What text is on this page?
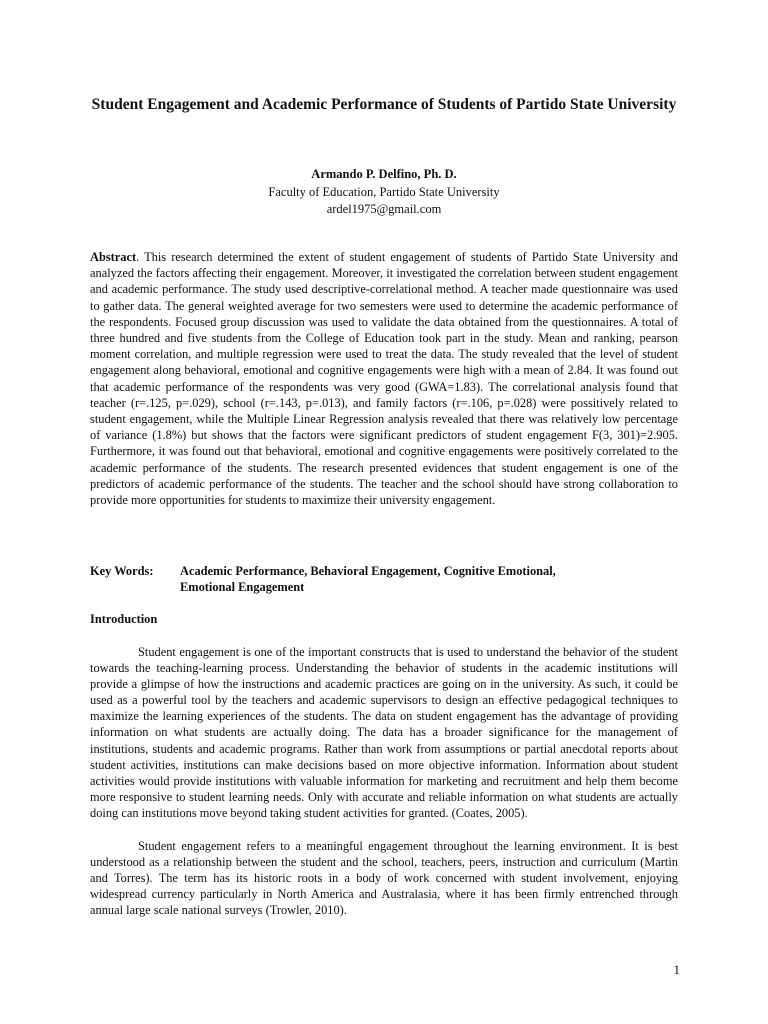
Student Engagement and Academic Performance of Students of Partido State University
Armando P. Delfino, Ph. D.
Faculty of Education, Partido State University
ardel1975@gmail.com

Abstract. This research determined the extent of student engagement of students of Partido State University and analyzed the factors affecting their engagement. Moreover, it investigated the correlation between student engagement and academic performance. The study used descriptive-correlational method. A teacher made questionnaire was used to gather data. The general weighted average for two semesters were used to determine the academic performance of the respondents. Focused group discussion was used to validate the data obtained from the questionnaires. A total of three hundred and five students from the College of Education took part in the study. Mean and ranking, pearson moment correlation, and multiple regression were used to treat the data. The study revealed that the level of student engagement along behavioral, emotional and cognitive engagements were high with a mean of 2.84. It was found out that academic performance of the respondents was very good (GWA=1.83). The correlational analysis found that teacher (r=.125, p=.029), school (r=.143, p=.013), and family factors (r=.106, p=.028) were possitively related to student engagement, while the Multiple Linear Regression analysis revealed that there was relatively low percentage of variance (1.8%) but shows that the factors were significant predictors of student engagement F(3, 301)=2.905. Furthermore, it was found out that behavioral, emotional and cognitive engagements were positively correlated to the academic performance of the students. The research presented evidences that student engagement is one of the predictors of academic performance of the students. The teacher and the school should have strong collaboration to provide more opportunities for students to maximize their university engagement.

Key Words: Academic Performance, Behavioral Engagement, Cognitive Emotional, Emotional Engagement
Introduction

Student engagement is one of the important constructs that is used to understand the behavior of the student towards the teaching-learning process. Understanding the behavior of students in the academic institutions will provide a glimpse of how the instructions and academic practices are going on in the university. As such, it could be used as a powerful tool by the teachers and academic supervisors to design an effective pedagogical techniques to maximize the learning experiences of the students. The data on student engagement has the advantage of providing information on what students are actually doing. The data has a broader significance for the management of institutions, students and academic programs. Rather than work from assumptions or partial anecdotal reports about student activities, institutions can make decisions based on more objective information. Information about student activities would provide institutions with valuable information for marketing and recruitment and help them become more responsive to student learning needs. Only with accurate and reliable information on what students are actually doing can institutions move beyond taking student activities for granted. (Coates, 2005).

Student engagement refers to a meaningful engagement throughout the learning environment. It is best understood as a relationship between the student and the school, teachers, peers, instruction and curriculum (Martin and Torres). The term has its historic roots in a body of work concerned with student involvement, enjoying widespread currency particularly in North America and Australasia, where it has been firmly entrenched through annual large scale national surveys (Trowler, 2010).

1
